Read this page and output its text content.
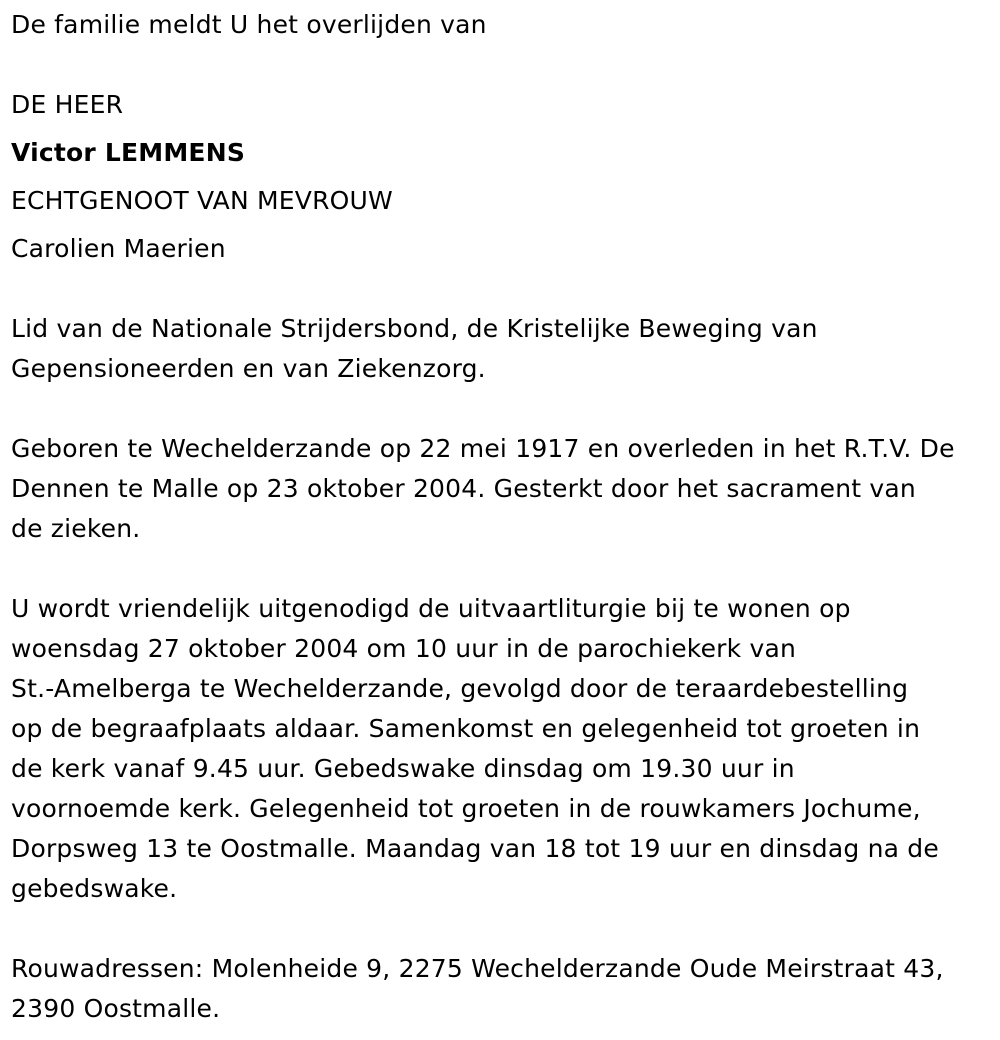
De familie meldt U het overlijden van
DE HEER
Victor LEMMENS
ECHTGENOOT VAN MEVROUW
Carolien Maerien
Lid van de Nationale Strijdersbond, de Kristelijke Beweging van
Gepensioneerden en van Ziekenzorg.
Geboren te Wechelderzande op 22 mei 1917 en overleden in het R.T.V. De
Dennen te Malle op 23 oktober 2004. Gesterkt door het sacrament van
de zieken.
U wordt vriendelijk uitgenodigd de uitvaartliturgie bij te wonen op
woensdag 27 oktober 2004 om 10 uur in de parochiekerk van
St.-Amelberga te Wechelderzande, gevolgd door de teraardebestelling
op de begraafplaats aldaar. Samenkomst en gelegenheid tot groeten in
de kerk vanaf 9.45 uur. Gebedswake dinsdag om 19.30 uur in
voornoemde kerk. Gelegenheid tot groeten in de rouwkamers Jochume,
Dorpsweg 13 te Oostmalle. Maandag van 18 tot 19 uur en dinsdag na de
gebedswake.
Rouwadressen: Molenheide 9, 2275 Wechelderzande Oude Meirstraat 43,
2390 Oostmalle.
